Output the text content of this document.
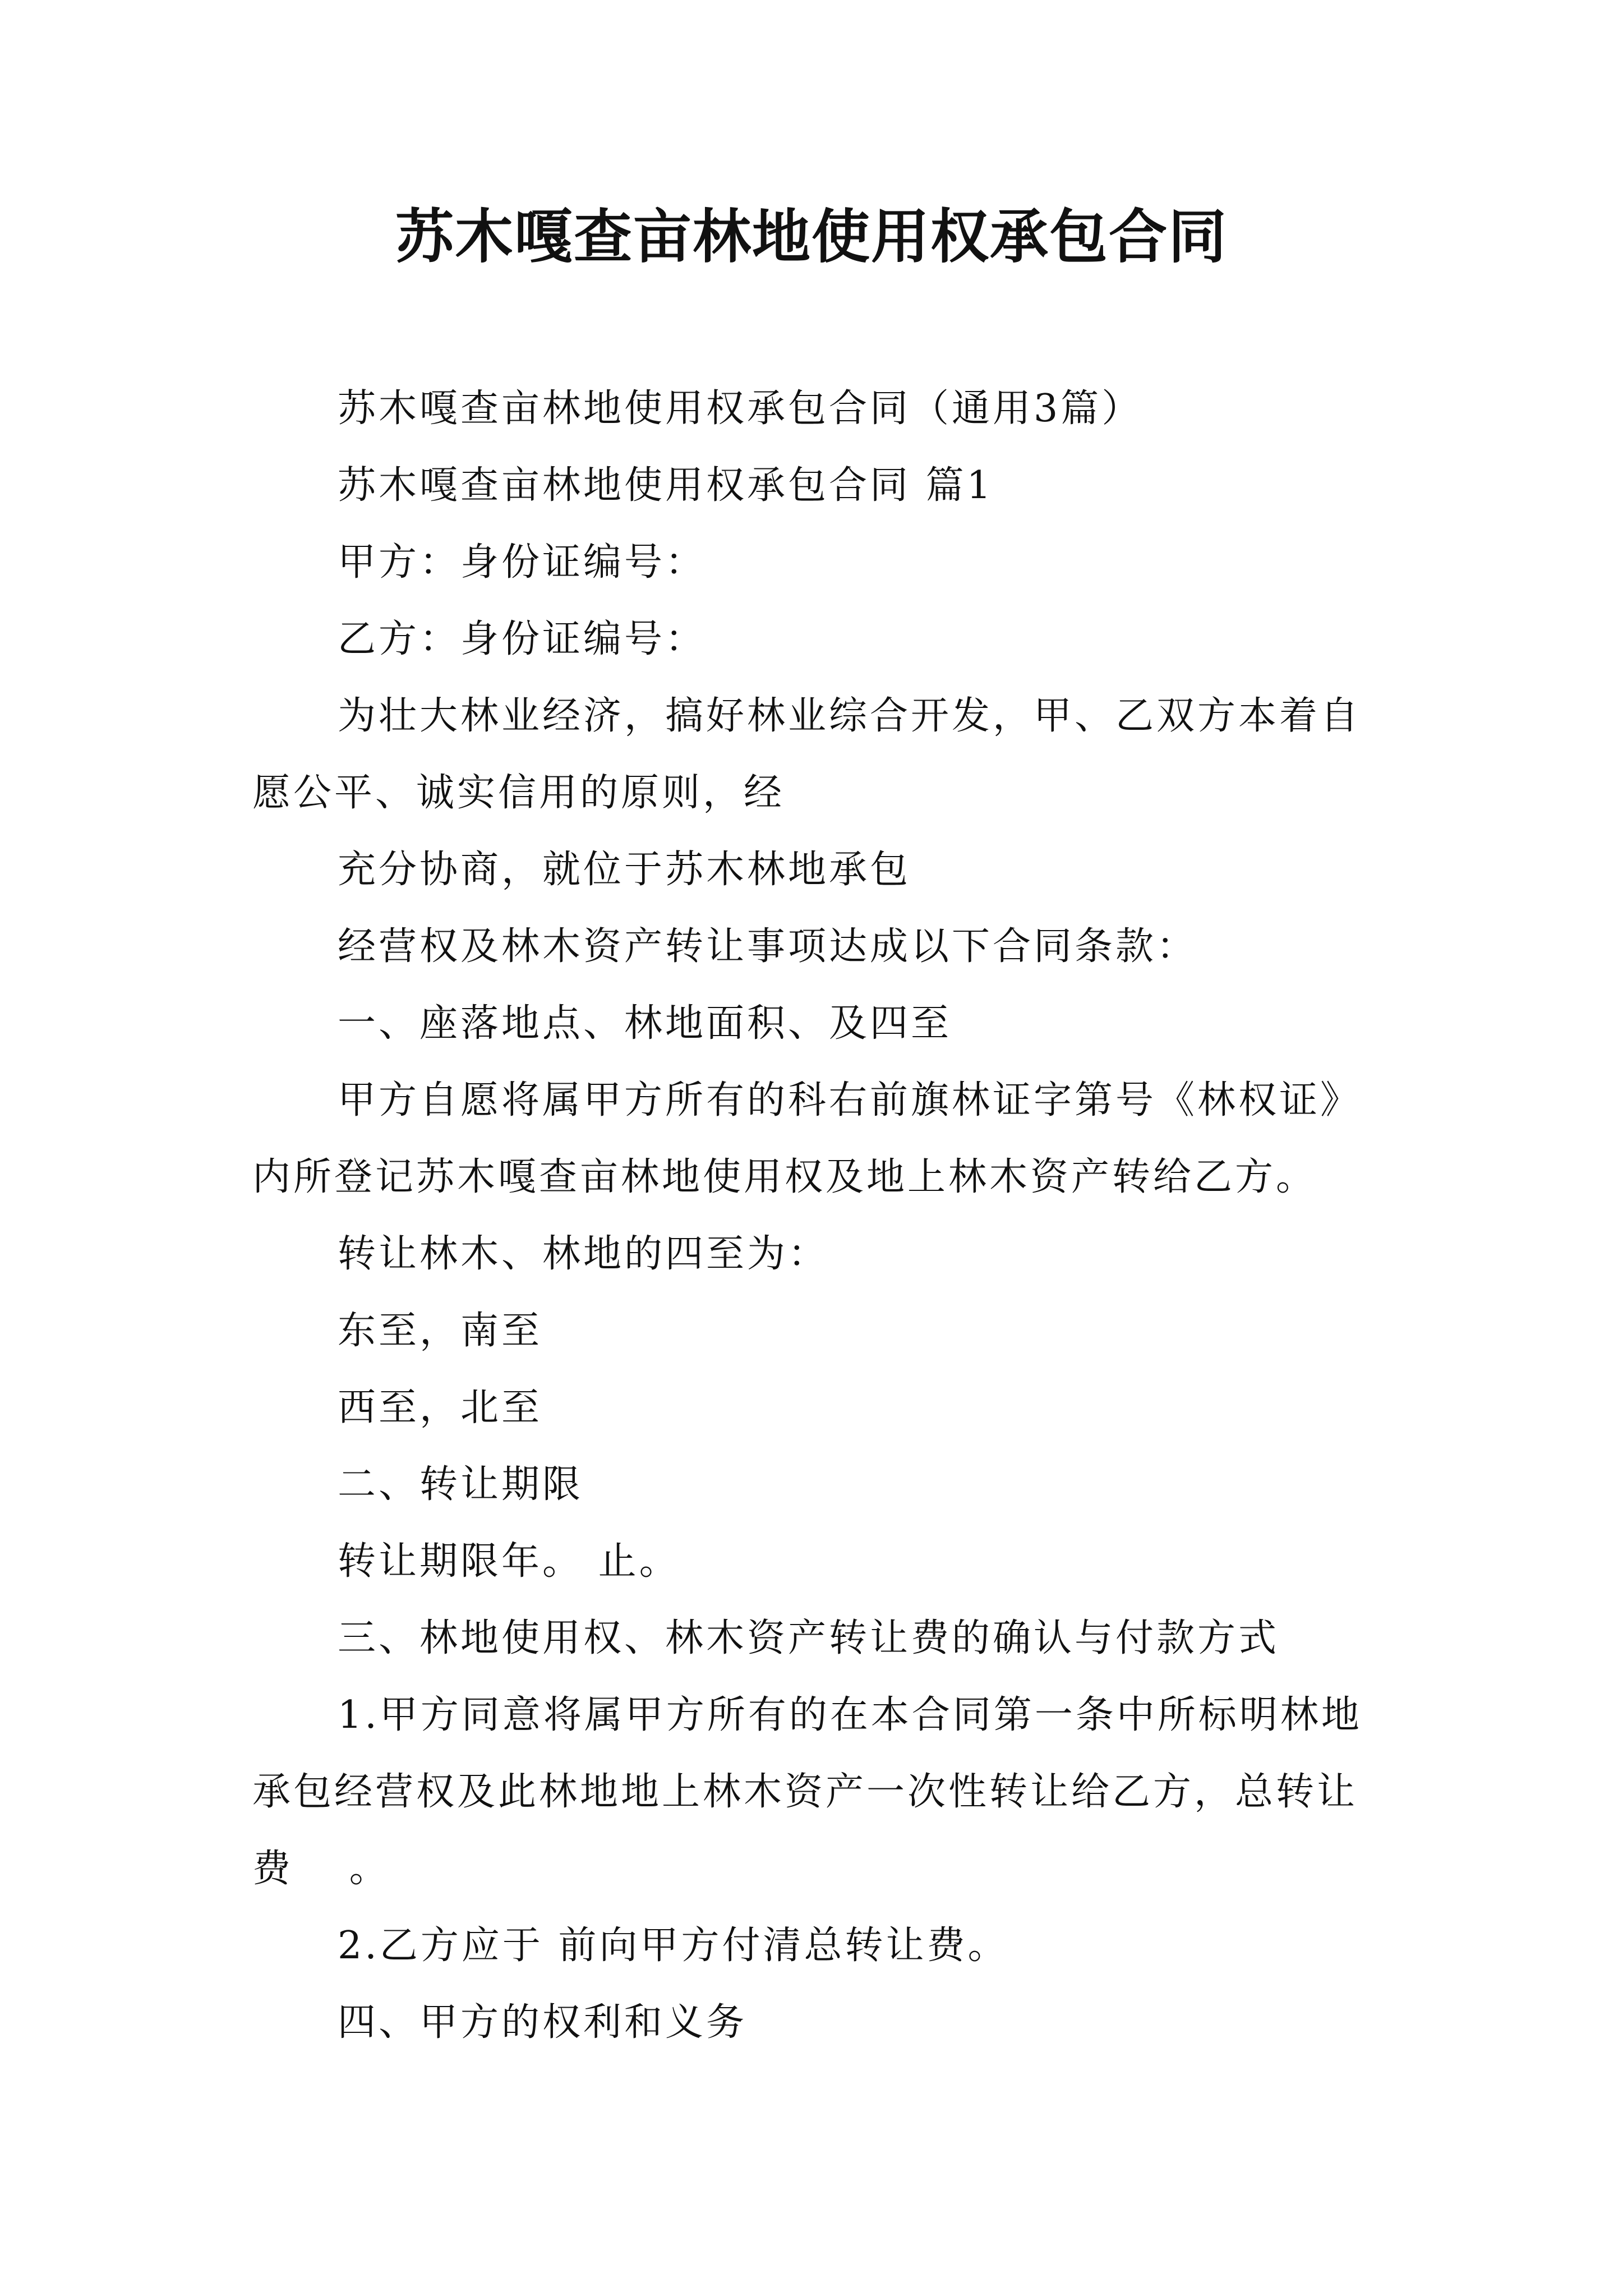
苏木嘎查亩林地使用权承包合同

苏木嘎查亩林地使用权承包合同（通用3篇）

苏木嘎查亩林地使用权承包合同 篇1

甲方：身份证编号：

乙方：身份证编号：

为壮大林业经济，搞好林业综合开发，甲、乙双方本着自愿公平、诚实信用的原则，经

充分协商，就位于苏木林地承包

经营权及林木资产转让事项达成以下合同条款：

一、座落地点、林地面积、及四至

甲方自愿将属甲方所有的科右前旗林证字第号《林权证》内所登记苏木嘎查亩林地使用权及地上林木资产转给乙方。

转让林木、林地的四至为：

东至，南至

西至，北至

二、转让期限

转让期限年。 止。

三、林地使用权、林木资产转让费的确认与付款方式

1.甲方同意将属甲方所有的在本合同第一条中所标明林地承包经营权及此林地地上林木资产一次性转让给乙方，总转让费　 。

2.乙方应于 前向甲方付清总转让费。

四、甲方的权利和义务
